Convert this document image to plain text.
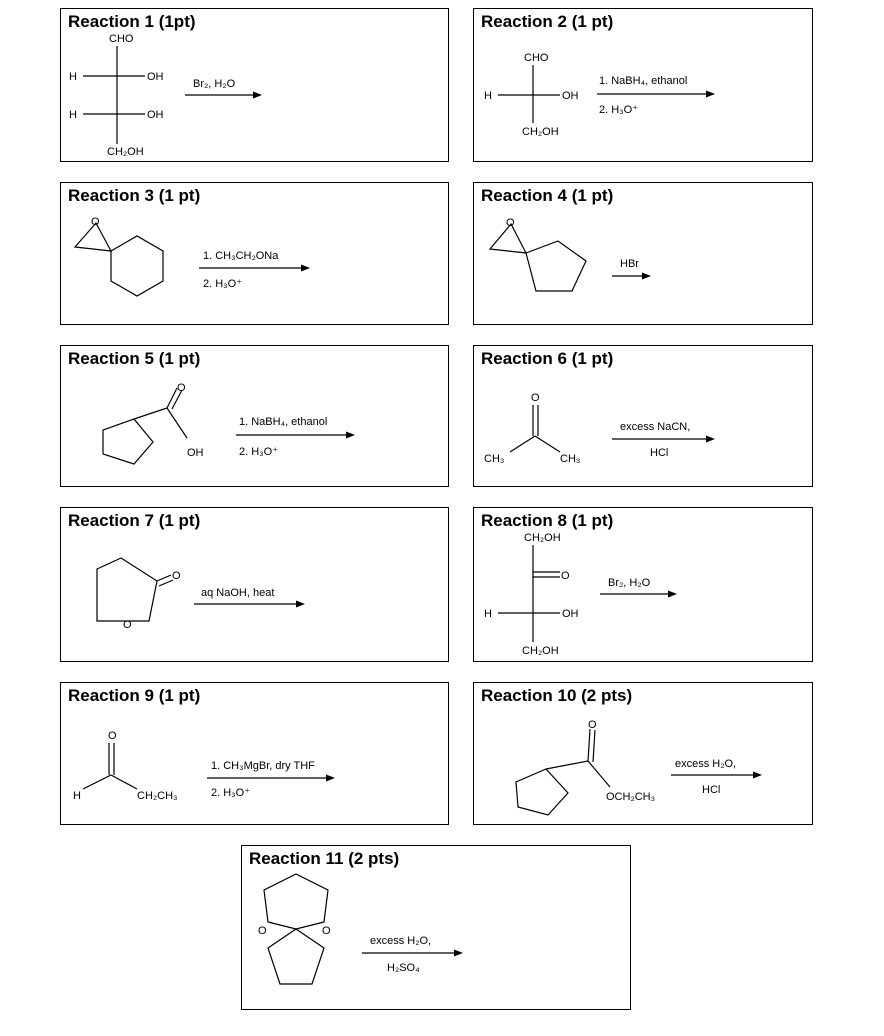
Reaction 1 (1pt)
CHO
H	OH
H	OH
CH₂OH
Br₂, H₂O
Reaction 2 (1 pt)
CHO
H	OH
CH₂OH
1. NaBH₄, ethanol
2. H₃O⁺
Reaction 3 (1 pt)
O
1. CH₃CH₂ONa
2. H₃O⁺
Reaction 4 (1 pt)
O
HBr
Reaction 5 (1 pt)
O
OH
1. NaBH₄, ethanol
2. H₃O⁺
Reaction 6 (1 pt)
O
CH₃	CH₃
excess NaCN,
HCl
Reaction 7 (1 pt)
O
O
aq NaOH, heat
Reaction 8 (1 pt)
CH₂OH
O
H	OH
CH₂OH
Br₂, H₂O
Reaction 9 (1 pt)
O
H	CH₂CH₃
1. CH₃MgBr, dry THF
2. H₃O⁺
Reaction 10 (2 pts)
O
OCH₂CH₃
excess H₂O,
HCl
Reaction 11 (2 pts)
O	O
excess H₂O,
H₂SO₄
